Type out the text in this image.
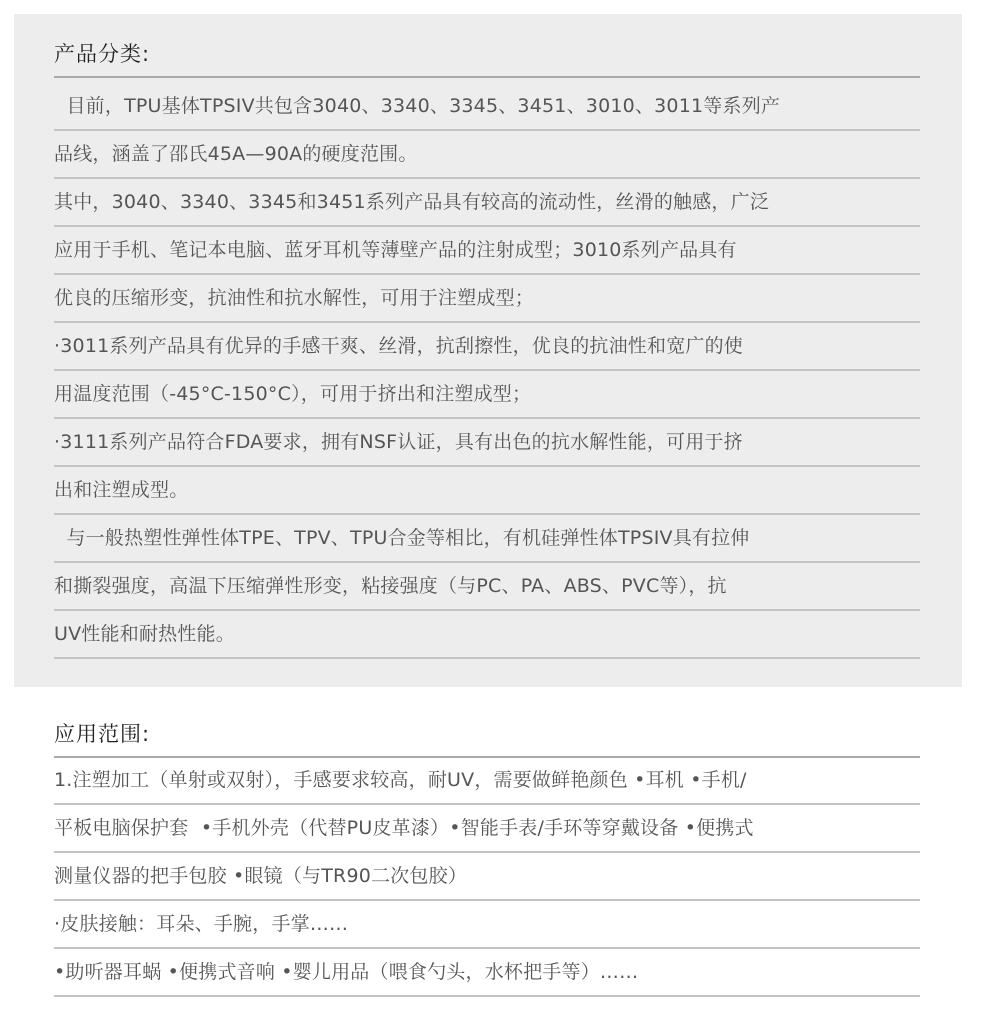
产品分类:
目前，TPU基体TPSIV共包含3040、3340、3345、3451、3010、3011等系列产
品线，涵盖了邵氏45A—90A的硬度范围。
其中，3040、3340、3345和3451系列产品具有较高的流动性，丝滑的触感，广泛
应用于手机、笔记本电脑、蓝牙耳机等薄壁产品的注射成型；3010系列产品具有
优良的压缩形变，抗油性和抗水解性，可用于注塑成型；
·3011系列产品具有优异的手感干爽、丝滑，抗刮擦性，优良的抗油性和宽广的使
用温度范围（-45°C-150°C），可用于挤出和注塑成型；
·3111系列产品符合FDA要求，拥有NSF认证，具有出色的抗水解性能，可用于挤
出和注塑成型。
与一般热塑性弹性体TPE、TPV、TPU合金等相比，有机硅弹性体TPSIV具有拉伸
和撕裂强度，高温下压缩弹性形变，粘接强度（与PC、PA、ABS、PVC等），抗
UV性能和耐热性能。
应用范围:
1.注塑加工（单射或双射），手感要求较高，耐UV，需要做鲜艳颜色 •耳机 •手机/
平板电脑保护套  •手机外壳（代替PU皮革漆）•智能手表/手环等穿戴设备 •便携式
测量仪器的把手包胶 •眼镜（与TR90二次包胶）
·皮肤接触：耳朵、手腕，手掌……
•助听器耳蜗 •便携式音响 •婴儿用品（喂食勺头，水杯把手等）……
